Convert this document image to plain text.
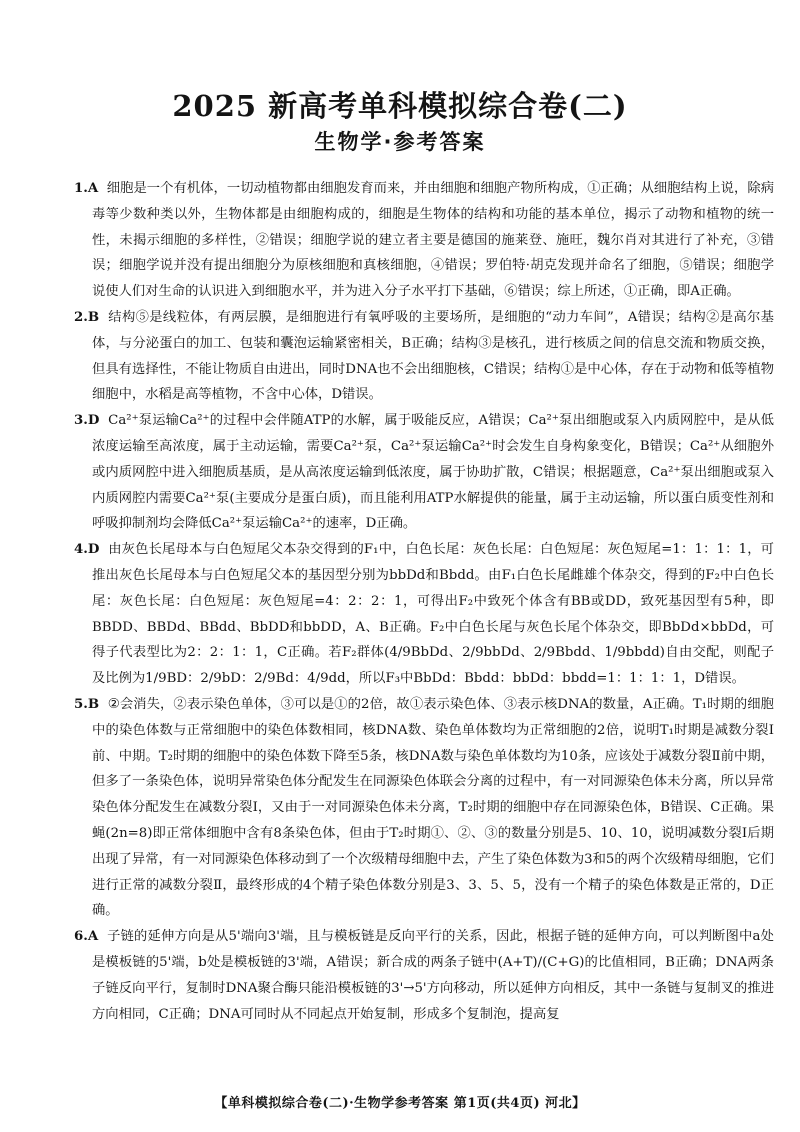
2025 新高考单科模拟综合卷(二)
生物学·参考答案

1.A 细胞是一个有机体，一切动植物都由细胞发育而来，并由细胞和细胞产物所构成，①正确；从细胞结构上说，除病毒等少数种类以外，生物体都是由细胞构成的，细胞是生物体的结构和功能的基本单位，揭示了动物和植物的统一性，未揭示细胞的多样性，②错误；细胞学说的建立者主要是德国的施莱登、施旺，魏尔肖对其进行了补充，③错误；细胞学说并没有提出细胞分为原核细胞和真核细胞，④错误；罗伯特·胡克发现并命名了细胞，⑤错误；细胞学说使人们对生命的认识进入到细胞水平，并为进入分子水平打下基础，⑥错误；综上所述，①正确，即A正确。

2.B 结构⑤是线粒体，有两层膜，是细胞进行有氧呼吸的主要场所，是细胞的“动力车间”，A错误；结构②是高尔基体，与分泌蛋白的加工、包装和囊泡运输紧密相关，B正确；结构③是核孔，进行核质之间的信息交流和物质交换，但具有选择性，不能让物质自由进出，同时DNA也不会出细胞核，C错误；结构①是中心体，存在于动物和低等植物细胞中，水稻是高等植物，不含中心体，D错误。

3.D Ca²⁺泵运输Ca²⁺的过程中会伴随ATP的水解，属于吸能反应，A错误；Ca²⁺泵出细胞或泵入内质网腔中，是从低浓度运输至高浓度，属于主动运输，需要Ca²⁺泵，Ca²⁺泵运输Ca²⁺时会发生自身构象变化，B错误；Ca²⁺从细胞外或内质网腔中进入细胞质基质，是从高浓度运输到低浓度，属于协助扩散，C错误；根据题意，Ca²⁺泵出细胞或泵入内质网腔内需要Ca²⁺泵(主要成分是蛋白质)，而且能利用ATP水解提供的能量，属于主动运输，所以蛋白质变性剂和呼吸抑制剂均会降低Ca²⁺泵运输Ca²⁺的速率，D正确。

4.D 由灰色长尾母本与白色短尾父本杂交得到的F₁中，白色长尾：灰色长尾：白色短尾：灰色短尾=1：1：1：1，可推出灰色长尾母本与白色短尾父本的基因型分别为bbDd和Bbdd。由F₁白色长尾雌雄个体杂交，得到的F₂中白色长尾：灰色长尾：白色短尾：灰色短尾=4：2：2：1，可得出F₂中致死个体含有BB或DD，致死基因型有5种，即BBDD、BBDd、BBdd、BbDD和bbDD，A、B正确。F₂中白色长尾与灰色长尾个体杂交，即BbDd×bbDd，可得子代表型比为2：2：1：1，C正确。若F₂群体(4/9BbDd、2/9bbDd、2/9Bbdd、1/9bbdd)自由交配，则配子及比例为1/9BD：2/9bD：2/9Bd：4/9dd，所以F₃中BbDd：Bbdd：bbDd：bbdd=1：1：1：1，D错误。

5.B ②会消失，②表示染色单体，③可以是①的2倍，故①表示染色体、③表示核DNA的数量，A正确。T₁时期的细胞中的染色体数与正常细胞中的染色体数相同，核DNA数、染色单体数均为正常细胞的2倍，说明T₁时期是减数分裂Ⅰ前、中期。T₂时期的细胞中的染色体数下降至5条，核DNA数与染色单体数均为10条，应该处于减数分裂Ⅱ前中期，但多了一条染色体，说明异常染色体分配发生在同源染色体联会分离的过程中，有一对同源染色体未分离，所以异常染色体分配发生在减数分裂Ⅰ，又由于一对同源染色体未分离，T₂时期的细胞中存在同源染色体，B错误、C正确。果蝇(2n=8)即正常体细胞中含有8条染色体，但由于T₂时期①、②、③的数量分别是5、10、10，说明减数分裂Ⅰ后期出现了异常，有一对同源染色体移动到了一个次级精母细胞中去，产生了染色体数为3和5的两个次级精母细胞，它们进行正常的减数分裂Ⅱ，最终形成的4个精子染色体数分别是3、3、5、5，没有一个精子的染色体数是正常的，D正确。

6.A 子链的延伸方向是从5'端向3'端，且与模板链是反向平行的关系，因此，根据子链的延伸方向，可以判断图中a处是模板链的5'端，b处是模板链的3'端，A错误；新合成的两条子链中(A+T)/(C+G)的比值相同，B正确；DNA两条子链反向平行，复制时DNA聚合酶只能沿模板链的3'→5'方向移动，所以延伸方向相反，其中一条链与复制叉的推进方向相同，C正确；DNA可同时从不同起点开始复制，形成多个复制泡，提高复

【单科模拟综合卷(二)·生物学参考答案 第1页(共4页) 河北】
